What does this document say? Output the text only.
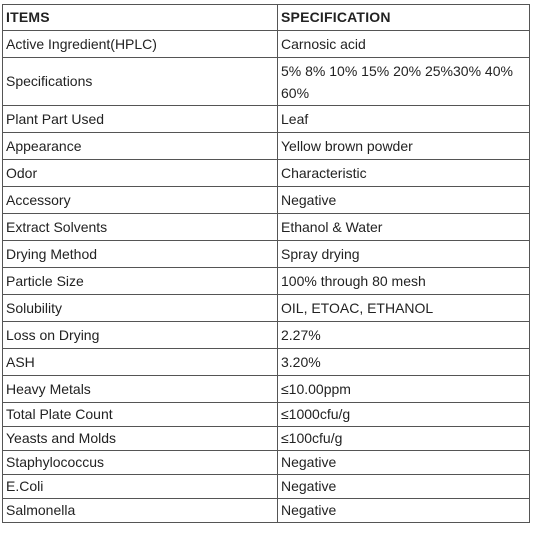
ITEMS	SPECIFICATION
Active Ingredient(HPLC)	Carnosic acid
Specifications	5% 8% 10% 15% 20% 25%30% 40% 60%
Plant Part Used	Leaf
Appearance	Yellow brown powder
Odor	Characteristic
Accessory	Negative
Extract Solvents	Ethanol & Water
Drying Method	Spray drying
Particle Size	100% through 80 mesh
Solubility	OIL, ETOAC, ETHANOL
Loss on Drying	2.27%
ASH	3.20%
Heavy Metals	≤10.00ppm
Total Plate Count	≤1000cfu/g
Yeasts and Molds	≤100cfu/g
Staphylococcus	Negative
E.Coli	Negative
Salmonella	Negative
